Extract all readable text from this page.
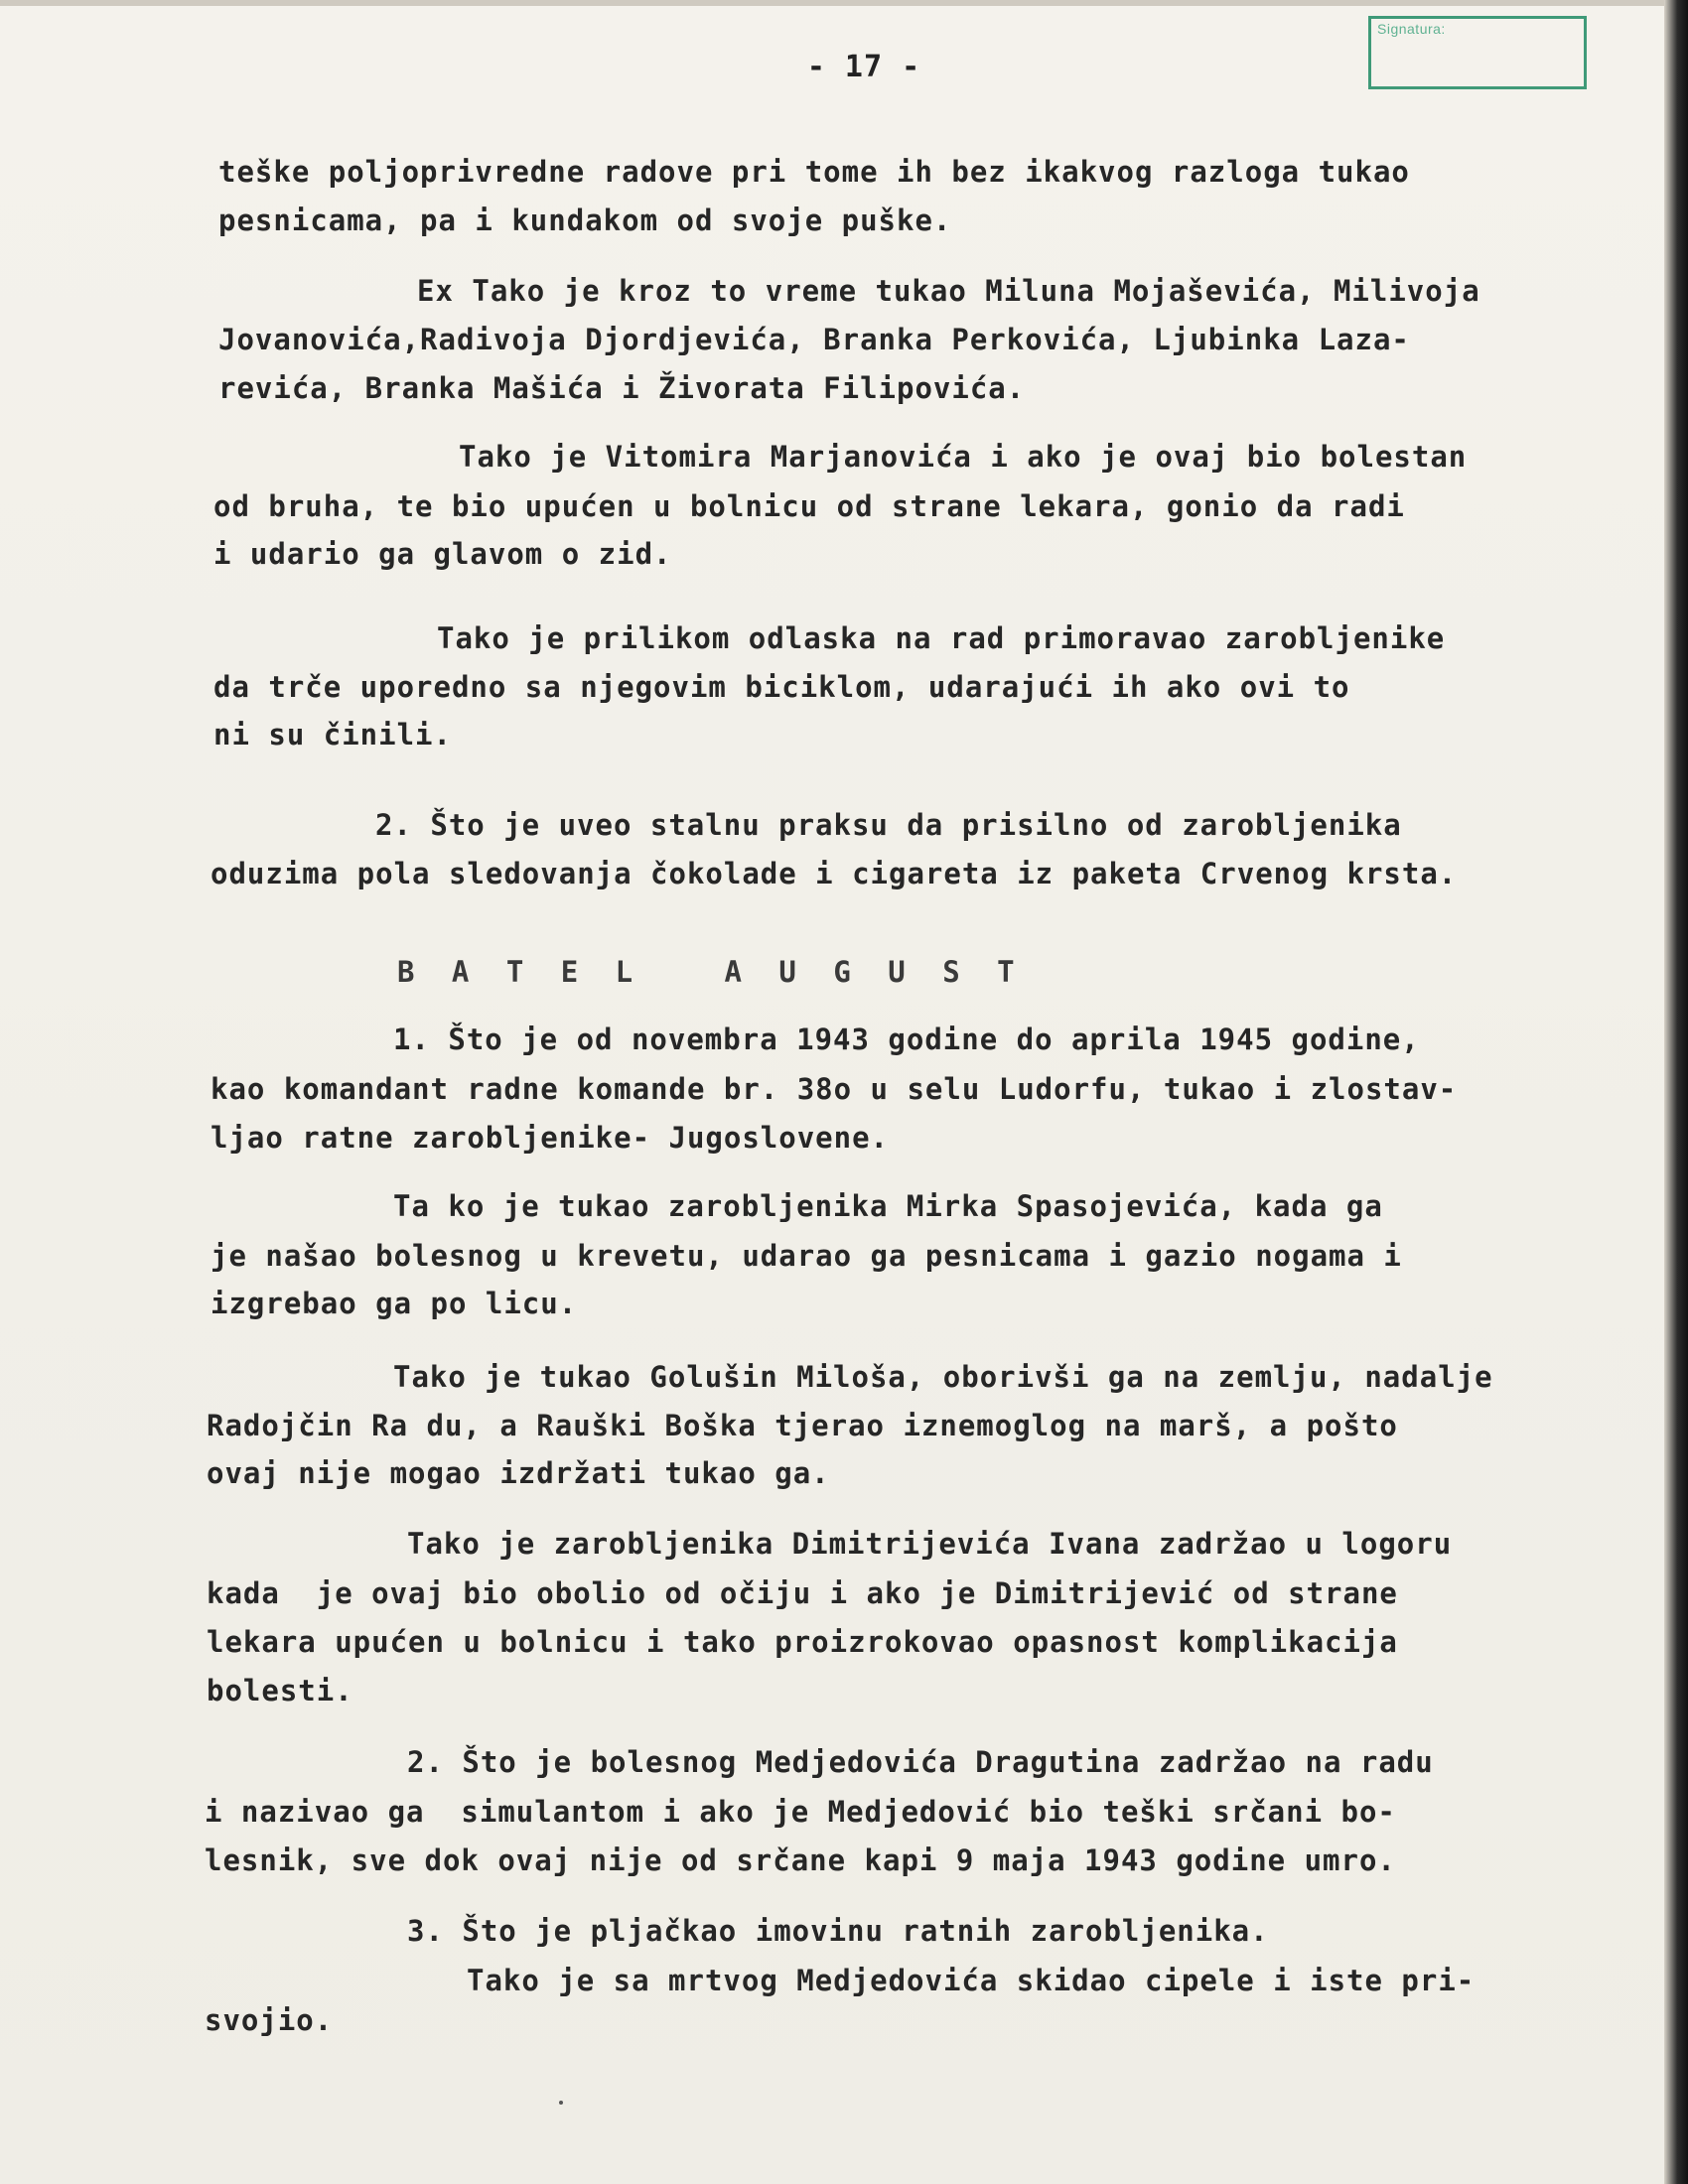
Signatura:
- 17 -
teške poljoprivredne radove pri tome ih bez ikakvog razloga tukao
pesnicama, pa i kundakom od svoje puške.
Ex Tako je kroz to vreme tukao Miluna Mojaševića, Milivoja
Jovanovića,Radivoja Djordjevića, Branka Perkovića, Ljubinka Laza-
revića, Branka Mašića i Živorata Filipovića.
Tako je Vitomira Marjanovića i ako je ovaj bio bolestan
od bruha, te bio upućen u bolnicu od strane lekara, gonio da radi
i udario ga glavom o zid.
Tako je prilikom odlaska na rad primoravao zarobljenike
da trče uporedno sa njegovim biciklom, udarajući ih ako ovi to
ni su činili.
2. Što je uveo stalnu praksu da prisilno od zarobljenika
oduzima pola sledovanja čokolade i cigareta iz paketa Crvenog krsta.
B A T E L   A U G U S T
1. Što je od novembra 1943 godine do aprila 1945 godine,
kao komandant radne komande br. 38o u selu Ludorfu, tukao i zlostav-
ljao ratne zarobljenike- Jugoslovene.
Ta ko je tukao zarobljenika Mirka Spasojevića, kada ga
je našao bolesnog u krevetu, udarao ga pesnicama i gazio nogama i
izgrebao ga po licu.
Tako je tukao Golušin Miloša, oborivši ga na zemlju, nadalje
Radojčin Ra du, a Rauški Boška tjerao iznemoglog na marš, a pošto
ovaj nije mogao izdržati tukao ga.
Tako je zarobljenika Dimitrijevića Ivana zadržao u logoru
kada  je ovaj bio obolio od očiju i ako je Dimitrijević od strane
lekara upućen u bolnicu i tako proizrokovao opasnost komplikacija
bolesti.
2. Što je bolesnog Medjedovića Dragutina zadržao na radu
i nazivao ga  simulantom i ako je Medjedović bio teški srčani bo-
lesnik, sve dok ovaj nije od srčane kapi 9 maja 1943 godine umro.
3. Što je pljačkao imovinu ratnih zarobljenika.
Tako je sa mrtvog Medjedovića skidao cipele i iste pri-
svojio.
